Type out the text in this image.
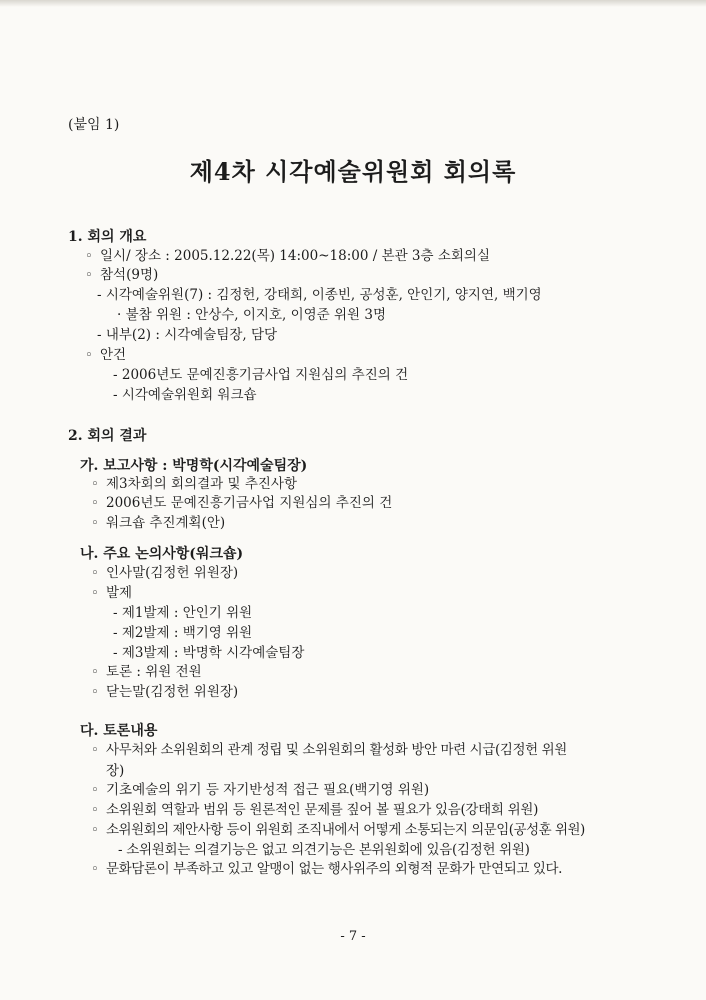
(붙임 1)
제4차 시각예술위원회 회의록
1. 회의 개요
◦ 일시/ 장소 : 2005.12.22(목) 14:00~18:00 / 본관 3층 소회의실
◦ 참석(9명)
- 시각예술위원(7) : 김정헌, 강태희, 이종빈, 공성훈, 안인기, 양지연, 백기영
· 불참 위원 : 안상수, 이지호, 이영준 위원 3명
- 내부(2) : 시각예술팀장, 담당
◦ 안건
- 2006년도 문예진흥기금사업 지원심의 추진의 건
- 시각예술위원회 워크숍
2. 회의 결과
가. 보고사항 : 박명학(시각예술팀장)
◦ 제3차회의 회의결과 및 추진사항
◦ 2006년도 문예진흥기금사업 지원심의 추진의 건
◦ 워크숍 추진계획(안)
나. 주요 논의사항(워크숍)
◦ 인사말(김정헌 위원장)
◦ 발제
- 제1발제 : 안인기 위원
- 제2발제 : 백기영 위원
- 제3발제 : 박명학 시각예술팀장
◦ 토론 : 위원 전원
◦ 닫는말(김정헌 위원장)
다. 토론내용
◦ 사무처와 소위원회의 관계 정립 및 소위원회의 활성화 방안 마련 시급(김정헌 위원
장)
◦ 기초예술의 위기 등 자기반성적 접근 필요(백기영 위원)
◦ 소위원회 역할과 범위 등 원론적인 문제를 짚어 볼 필요가 있음(강태희 위원)
◦ 소위원회의 제안사항 등이 위원회 조직내에서 어떻게 소통되는지 의문임(공성훈 위원)
- 소위원회는 의결기능은 없고 의견기능은 본위원회에 있음(김정헌 위원)
◦ 문화담론이 부족하고 있고 알맹이 없는 행사위주의 외형적 문화가 만연되고 있다.
- 7 -
